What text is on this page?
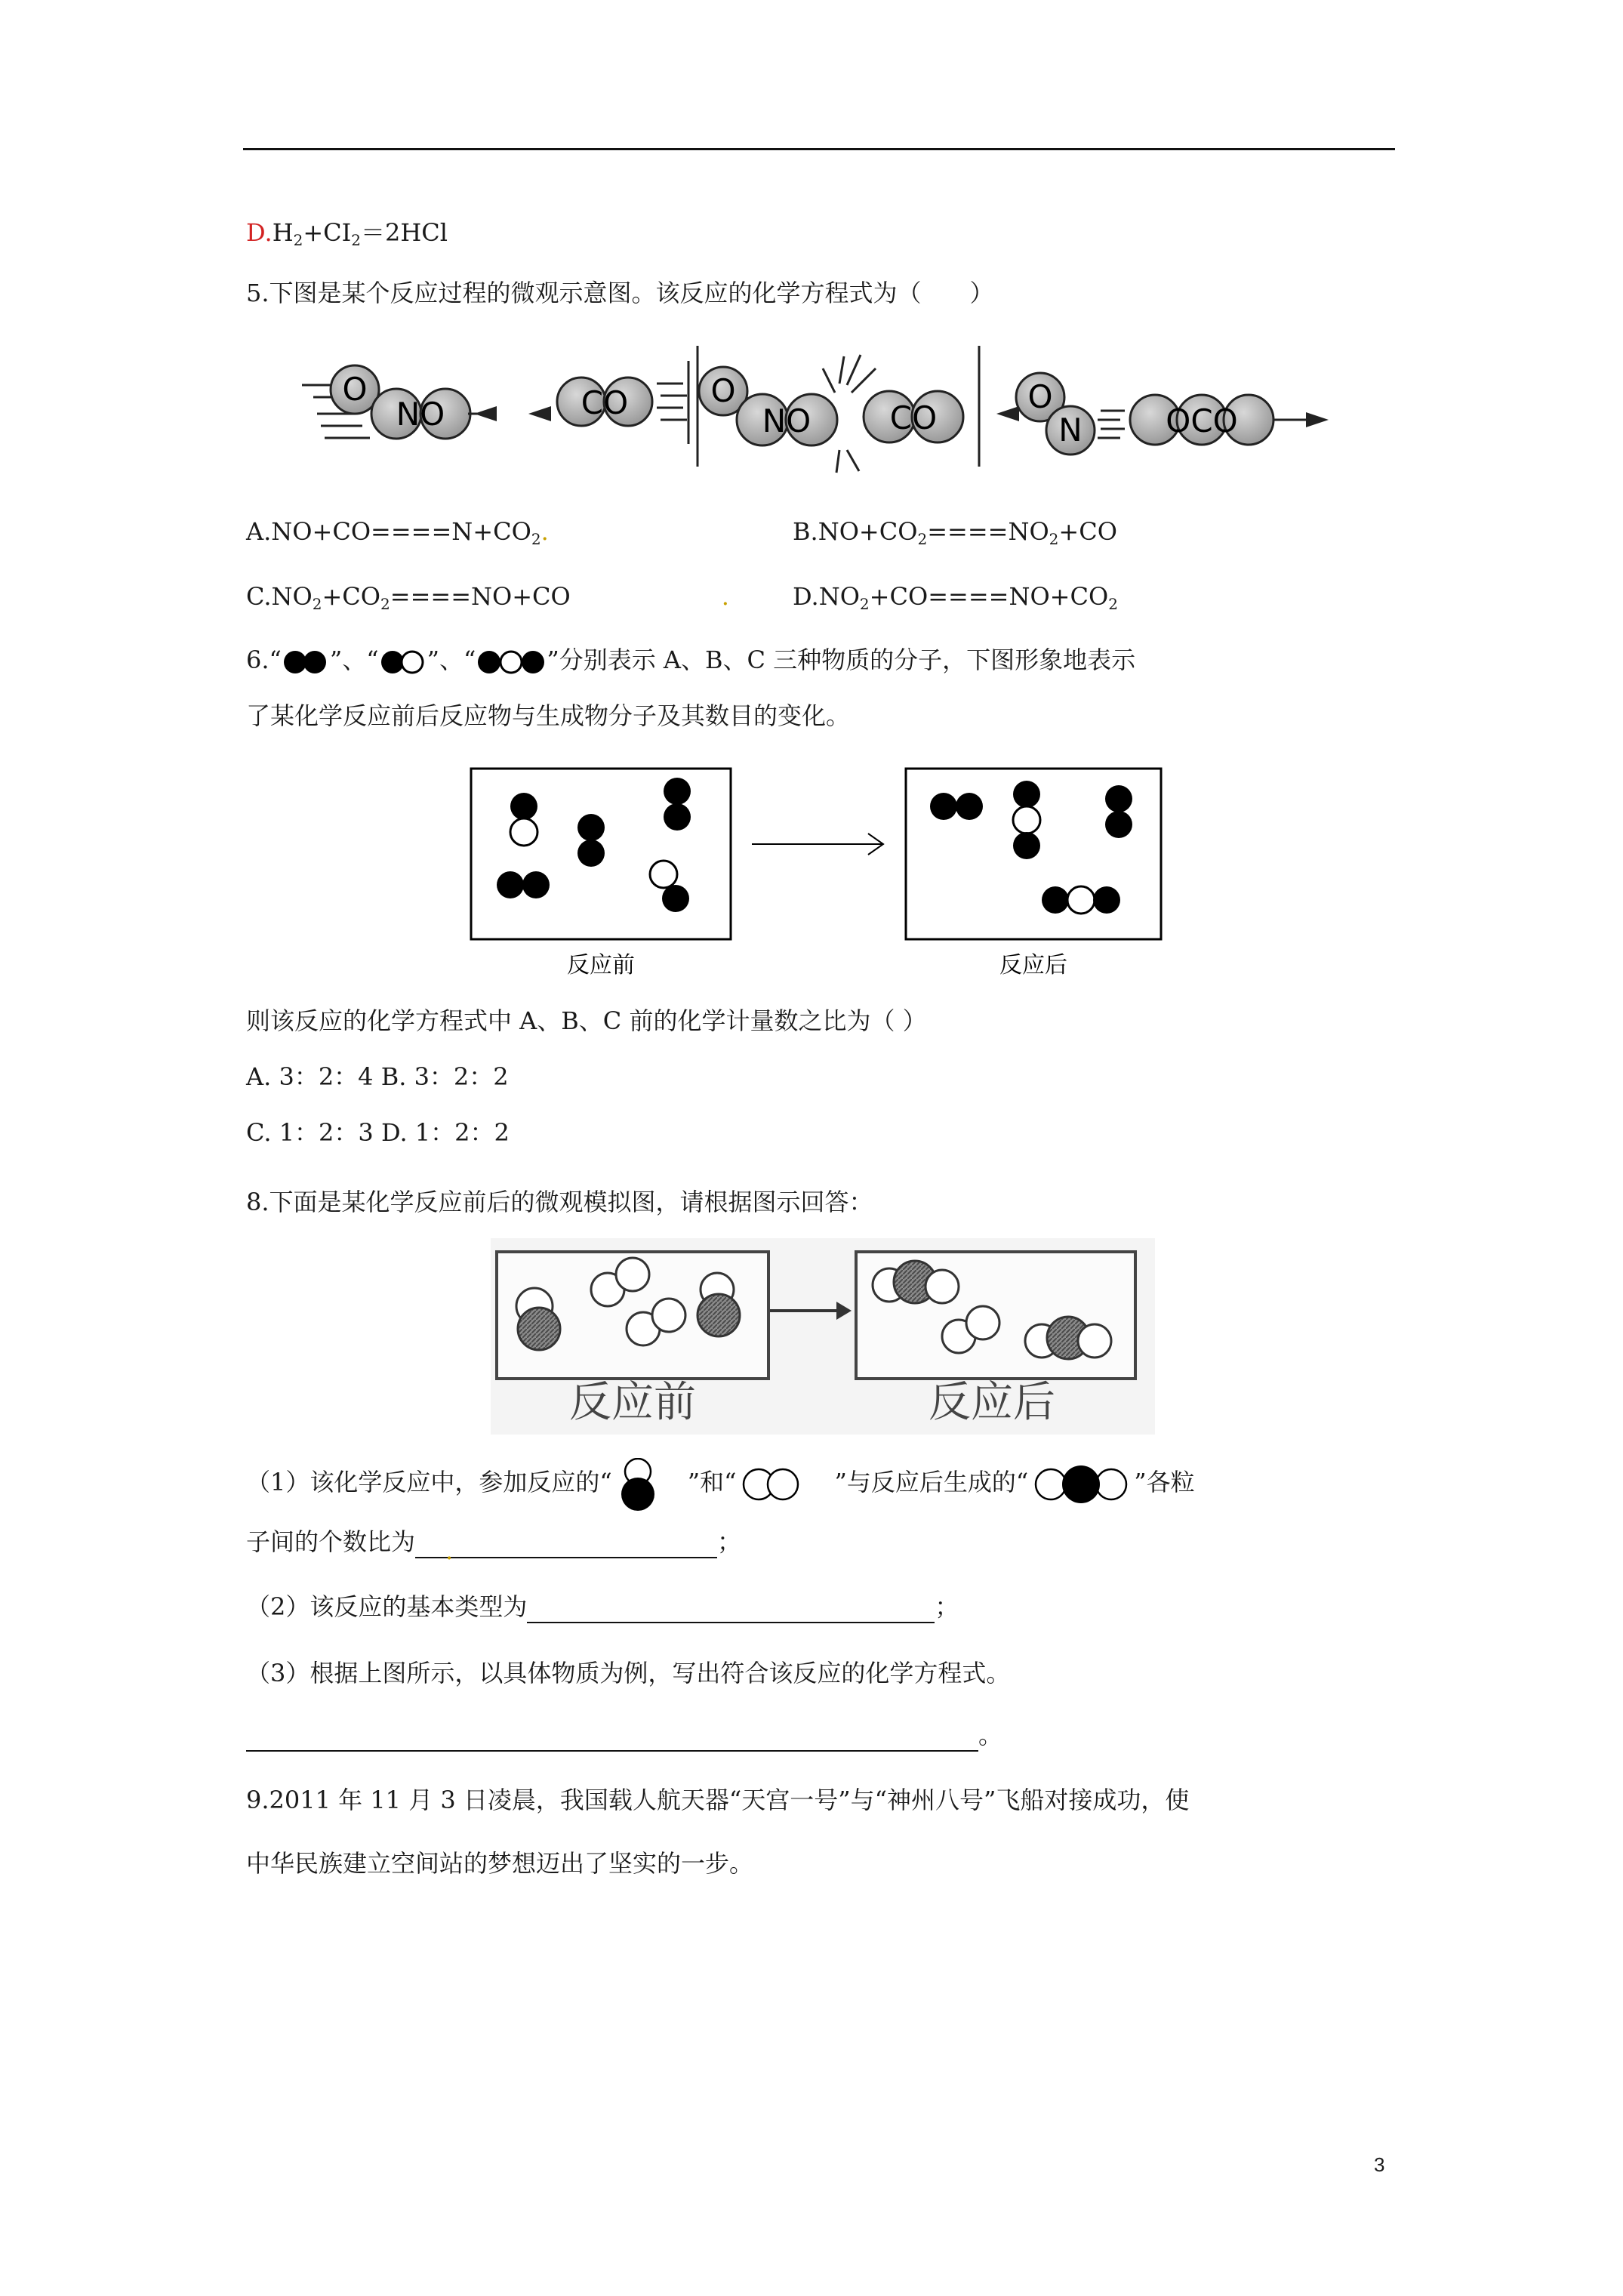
$D.H_2+CI_2=2HCl$
5.下图是某个反应过程的微观示意图。该反应的化学方程式为（　　）
O
NO	CO	O
NO CO
O
N	OCO
$A.NO+CO====N+CO_2$.	$B.NO+CO_2====NO_2+CO$
$C.NO_2+CO_2====NO+CO$	.	$D.NO_2+CO====NO+CO_2$
6.“ ”、“ ”、“	”分别表示 A、B、C 三种物质的分子，下图形象地表示
了某化学反应前后反应物与生成物分子及其数目的变化。
反应前	反应后
则该反应的化学方程式中 A、B、C 前的化学计量数之比为（ ）
A. 3：2：4 B. 3：2：2
C. 1：2：3 D. 1：2：2
8.下面是某化学反应前后的微观模拟图，请根据图示回答：
反应前	反应后
（1）该化学反应中，参加反应的“	”和“	”与反应后生成的“	”各粒
子间的个数比为 .	；
（2）该反应的基本类型为	；
（3）根据上图所示，以具体物质为例，写出符合该反应的化学方程式。
。
9.2011 年 11 月 3 日凌晨，我国载人航天器“天宫一号”与“神州八号”飞船对接成功，使
中华民族建立空间站的梦想迈出了坚实的一步。
3
